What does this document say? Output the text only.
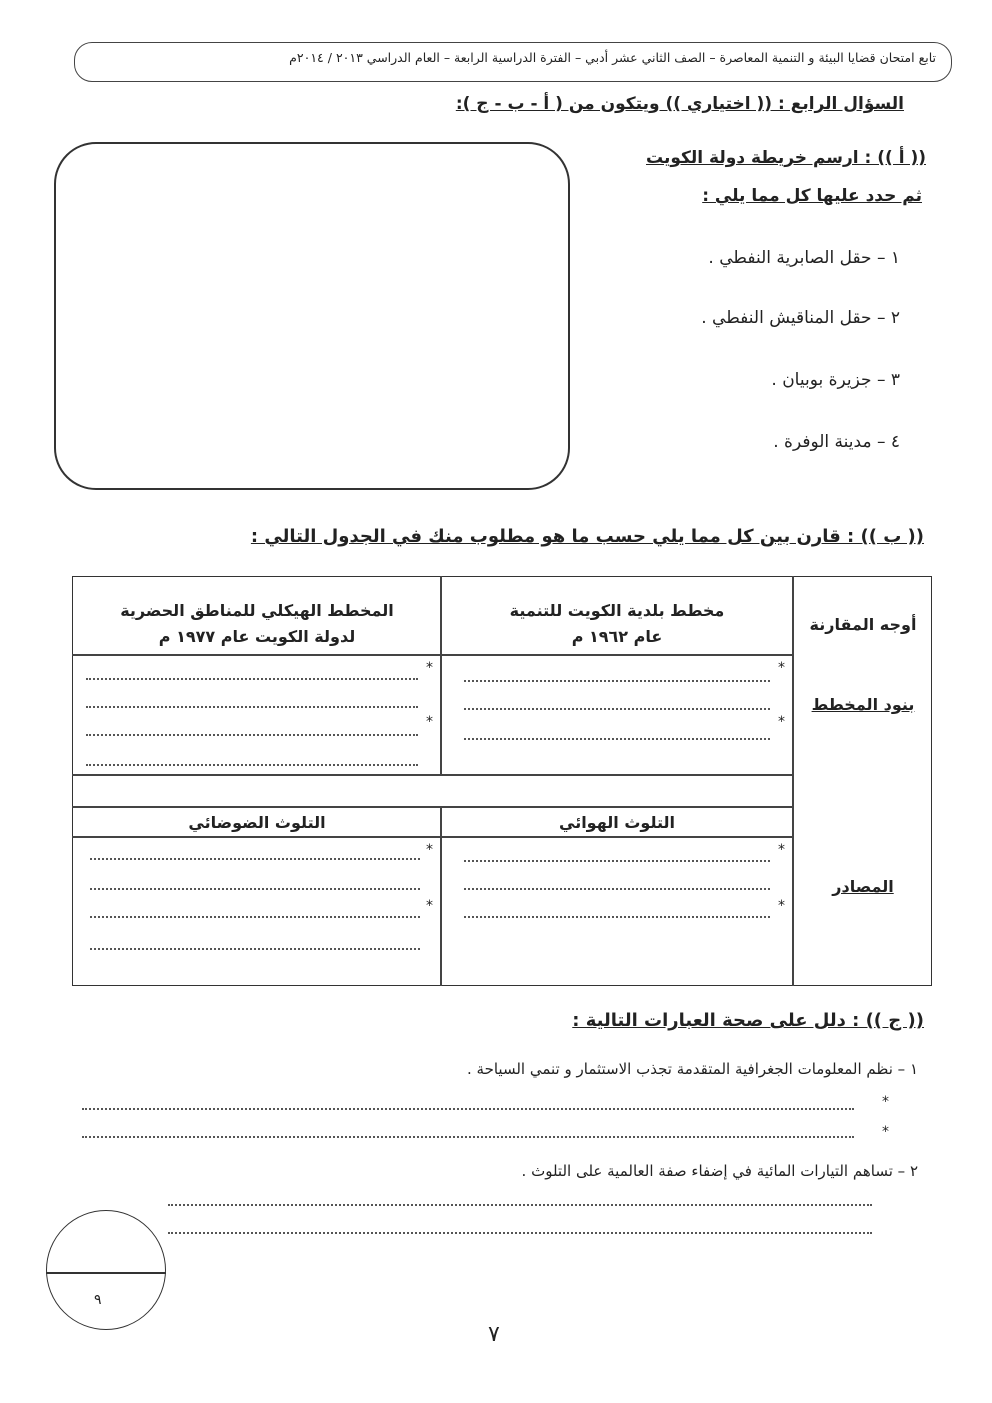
تابع امتحان قضايا البيئة و التنمية المعاصرة – الصف الثاني عشر أدبي – الفترة الدراسية الرابعة – العام الدراسي ٢٠١٣ / ٢٠١٤م
السؤال الرابع : (( اختياري )) ويتكون من ( أ - ب - ج ):
(( أ )) : ارسم خريطة دولة الكويت
ثم حدد عليها كل مما يلي :
١ – حقل الصابرية النفطي .
٢ – حقل المناقيش النفطي .
٣ – جزيرة بوبيان .
٤ – مدينة الوفرة .
(( ب )) : قارن بين كل مما يلي حسب ما هو مطلوب منك في الجدول التالي :
أوجه المقارنة
مخطط بلدية الكويت للتنمية
عام ١٩٦٢ م
المخطط الهيكلي للمناطق الحضرية
لدولة الكويت عام ١٩٧٧ م
بنود المخطط
*
*
*
*
التلوث الهوائي
التلوث الضوضائي
المصادر
*
*
*
*
(( ج )) : دلل على صحة العبارات التالية :
١ – نظم المعلومات الجغرافية المتقدمة تجذب الاستثمار و تنمي السياحة .
*
*
٢ – تساهم التيارات المائية في إضفاء صفة العالمية على التلوث .
٩
٧
